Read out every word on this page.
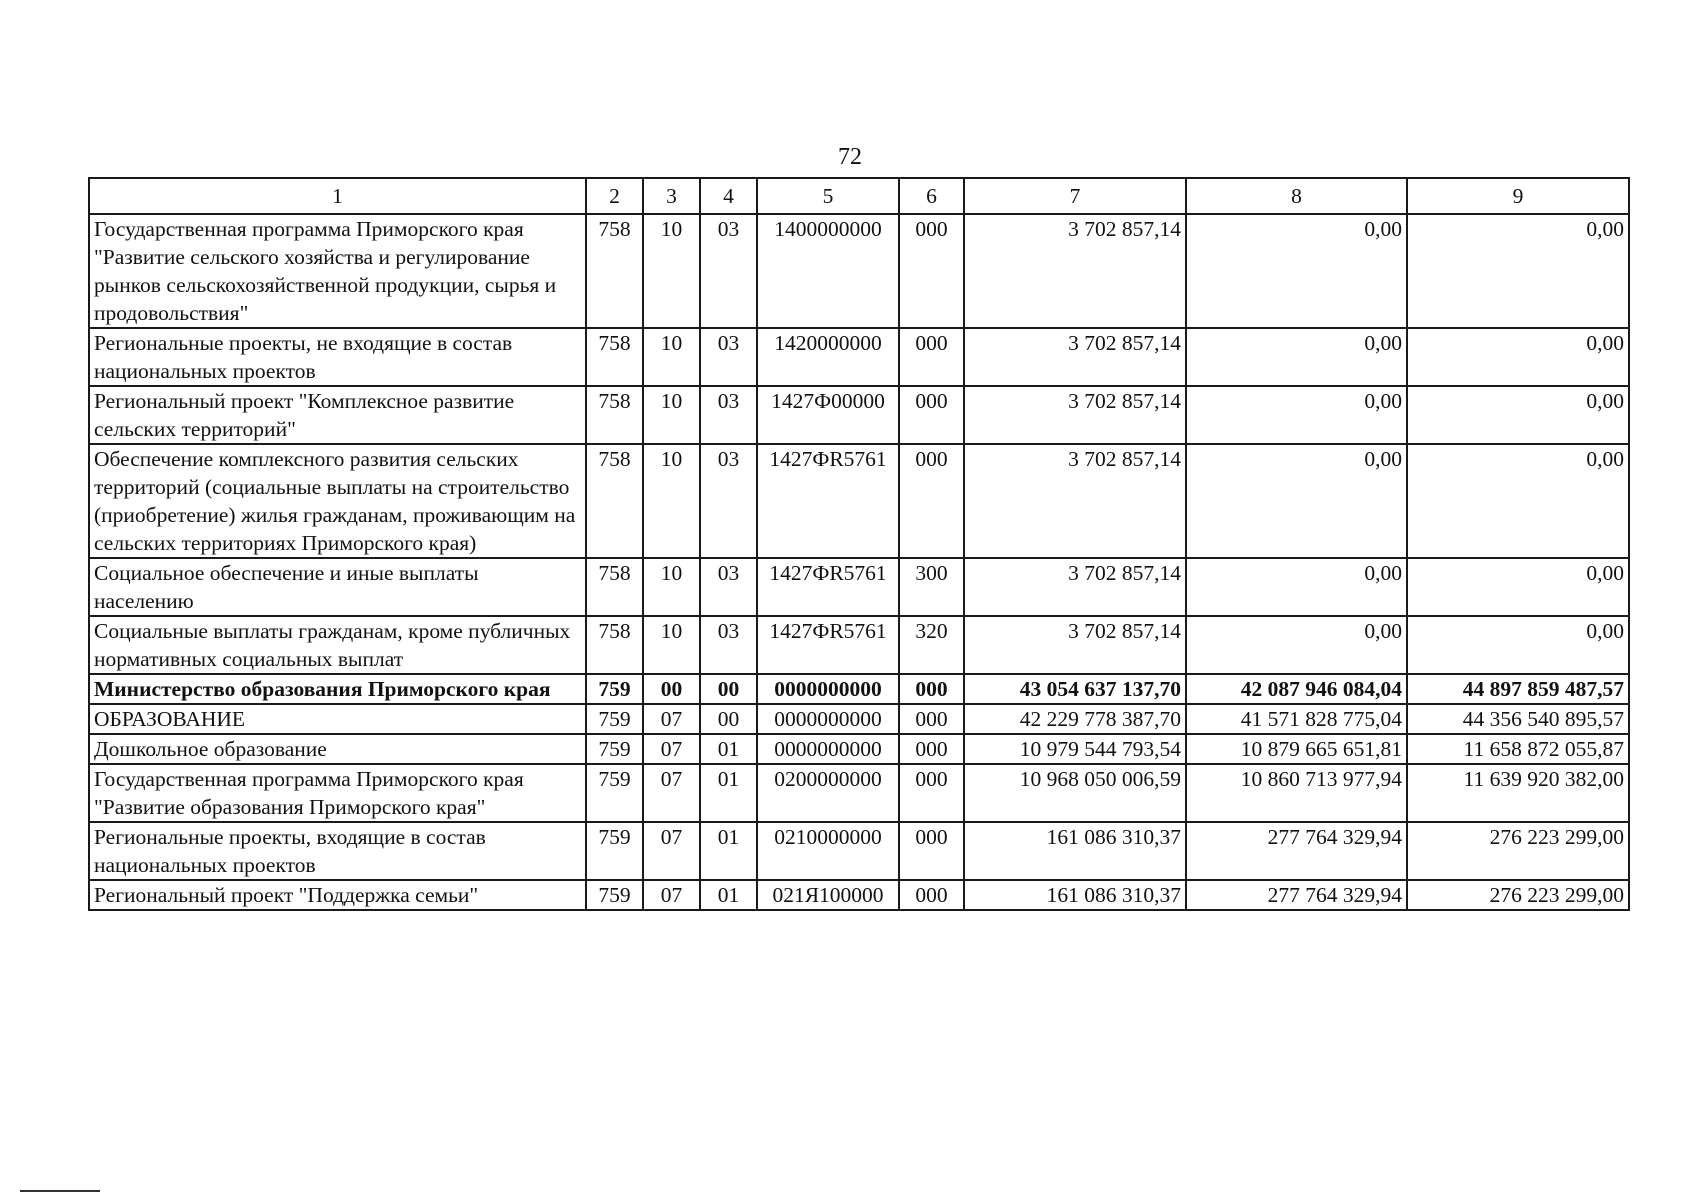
72
1	2	3	4	5	6	7	8	9
Государственная программа Приморского края "Развитие сельского хозяйства и регулирование рынков сельскохозяйственной продукции, сырья и продовольствия"	758	10	03	1400000000	000	3 702 857,14	0,00	0,00
Региональные проекты, не входящие в состав национальных проектов	758	10	03	1420000000	000	3 702 857,14	0,00	0,00
Региональный проект "Комплексное развитие сельских территорий"	758	10	03	1427Ф00000	000	3 702 857,14	0,00	0,00
Обеспечение комплексного развития сельских территорий (социальные выплаты на строительство (приобретение) жилья гражданам, проживающим на сельских территориях Приморского края)	758	10	03	1427ФR5761	000	3 702 857,14	0,00	0,00
Социальное обеспечение и иные выплаты населению	758	10	03	1427ФR5761	300	3 702 857,14	0,00	0,00
Социальные выплаты гражданам, кроме публичных нормативных социальных выплат	758	10	03	1427ФR5761	320	3 702 857,14	0,00	0,00
Министерство образования Приморского края	759	00	00	0000000000	000	43 054 637 137,70	42 087 946 084,04	44 897 859 487,57
ОБРАЗОВАНИЕ	759	07	00	0000000000	000	42 229 778 387,70	41 571 828 775,04	44 356 540 895,57
Дошкольное образование	759	07	01	0000000000	000	10 979 544 793,54	10 879 665 651,81	11 658 872 055,87
Государственная программа Приморского края "Развитие образования Приморского края"	759	07	01	0200000000	000	10 968 050 006,59	10 860 713 977,94	11 639 920 382,00
Региональные проекты, входящие в состав национальных проектов	759	07	01	0210000000	000	161 086 310,37	277 764 329,94	276 223 299,00
Региональный проект "Поддержка семьи"	759	07	01	021Я100000	000	161 086 310,37	277 764 329,94	276 223 299,00
